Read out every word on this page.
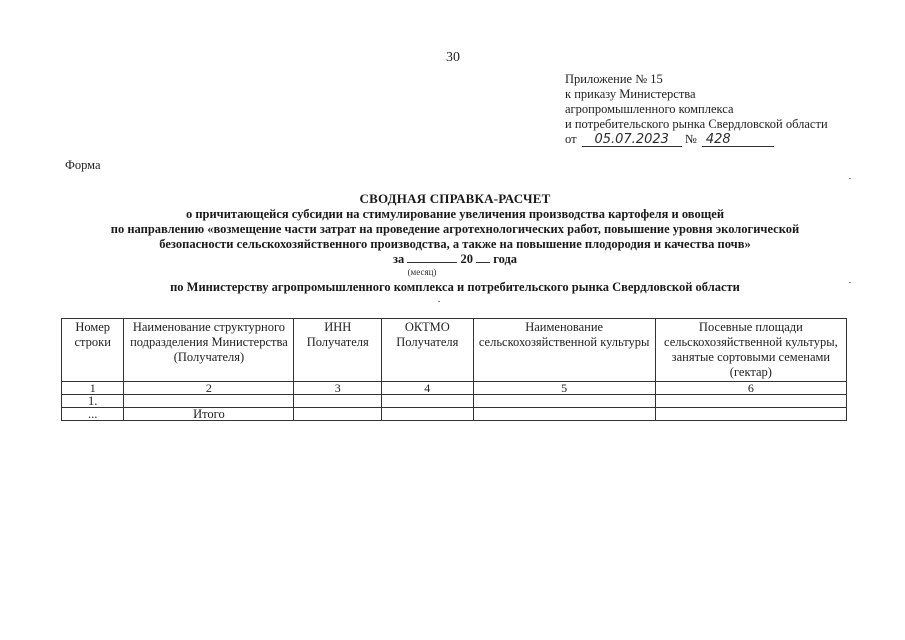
30
Приложение № 15
к приказу Министерства
агропромышленного комплекса
и потребительского рынка Свердловской области
от 05.07.2023 № 428
Форма
СВОДНАЯ СПРАВКА-РАСЧЕТ
о причитающейся субсидии на стимулирование увеличения производства картофеля и овощей
по направлению «возмещение части затрат на проведение агротехнологических работ, повышение уровня экологической
безопасности сельскохозяйственного производства, а также на повышение плодородия и качества почв»
за	20 года
(месяц)
по Министерству агропромышленного комплекса и потребительского рынка Свердловской области
Номер строки	Наименование структурного подразделения Министерства (Получателя)	ИНН Получателя	ОКТМО Получателя	Наименование сельскохозяйственной культуры	Посевные площади сельскохозяйственной культуры, занятые сортовыми семенами (гектар)
1	2	3	4	5	6
1.					
...	Итого				
